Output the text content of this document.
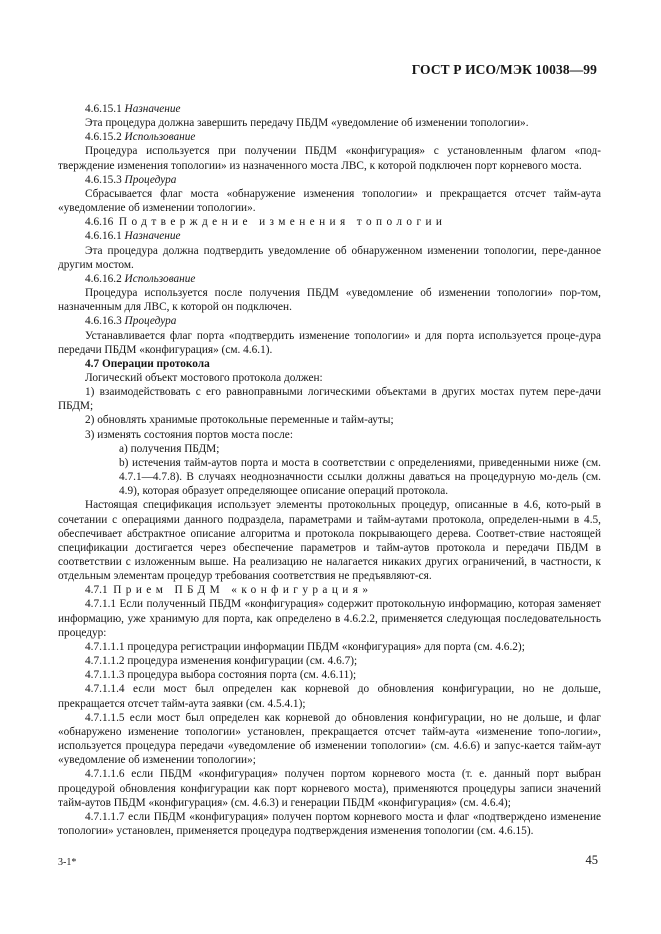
ГОСТ Р ИСО/МЭК 10038—99

4.6.15.1 Назначение

Эта процедура должна завершить передачу ПБДМ «уведомление об изменении топологии».

4.6.15.2 Использование

Процедура используется при получении ПБДМ «конфигурация» с установленным флагом «под-тверждение изменения топологии» из назначенного моста ЛВС, к которой подключен порт корневого моста.

4.6.15.3 Процедура

Сбрасывается флаг моста «обнаружение изменения топологии» и прекращается отсчет тайм-аута «уведомление об изменении топологии».

4.6.16 Подтверждение изменения топологии

4.6.16.1 Назначение

Эта процедура должна подтвердить уведомление об обнаруженном изменении топологии, пере-данное другим мостом.

4.6.16.2 Использование

Процедура используется после получения ПБДМ «уведомление об изменении топологии» пор-том, назначенным для ЛВС, к которой он подключен.

4.6.16.3 Процедура

Устанавливается флаг порта «подтвердить изменение топологии» и для порта используется проце-дура передачи ПБДМ «конфигурация» (см. 4.6.1).

4.7 Операции протокола

Логический объект мостового протокола должен:

1) взаимодействовать с его равноправными логическими объектами в других мостах путем пере-дачи ПБДМ;

2) обновлять хранимые протокольные переменные и тайм-ауты;

3) изменять состояния портов моста после:

a) получения ПБДМ;

b) истечения тайм-аутов порта и моста в соответствии с определениями, приведенными ниже (см. 4.7.1—4.7.8). В случаях неоднозначности ссылки должны даваться на процедурную мо-дель (см. 4.9), которая образует определяющее описание операций протокола.

Настоящая спецификация использует элементы протокольных процедур, описанные в 4.6, кото-рый в сочетании с операциями данного подраздела, параметрами и тайм-аутами протокола, определен-ными в 4.5, обеспечивает абстрактное описание алгоритма и протокола покрывающего дерева. Соответ-ствие настоящей спецификации достигается через обеспечение параметров и тайм-аутов протокола и передачи ПБДМ в соответствии с изложенным выше. На реализацию не налагается никаких других ограничений, в частности, к отдельным элементам процедур требования соответствия не предъявляют-ся.

4.7.1 Прием ПБДМ «конфигурация»

4.7.1.1 Если полученный ПБДМ «конфигурация» содержит протокольную информацию, которая заменяет информацию, уже хранимую для порта, как определено в 4.6.2.2, применяется следующая последовательность процедур:

4.7.1.1.1 процедура регистрации информации ПБДМ «конфигурация» для порта (см. 4.6.2);

4.7.1.1.2 процедура изменения конфигурации (см. 4.6.7);

4.7.1.1.3 процедура выбора состояния порта (см. 4.6.11);

4.7.1.1.4 если мост был определен как корневой до обновления конфигурации, но не дольше, прекращается отсчет тайм-аута заявки (см. 4.5.4.1);

4.7.1.1.5 если мост был определен как корневой до обновления конфигурации, но не дольше, и флаг «обнаружено изменение топологии» установлен, прекращается отсчет тайм-аута «изменение топо-логии», используется процедура передачи «уведомление об изменении топологии» (см. 4.6.6) и запус-кается тайм-аут «уведомление об изменении топологии»;

4.7.1.1.6 если ПБДМ «конфигурация» получен портом корневого моста (т. е. данный порт выбран процедурой обновления конфигурации как порт корневого моста), применяются процедуры записи значений тайм-аутов ПБДМ «конфигурация» (см. 4.6.3) и генерации ПБДМ «конфигурация» (см. 4.6.4);

4.7.1.1.7 если ПБДМ «конфигурация» получен портом корневого моста и флаг «подтверждено изменение топологии» установлен, применяется процедура подтверждения изменения топологии (см. 4.6.15).

3-1*	45
